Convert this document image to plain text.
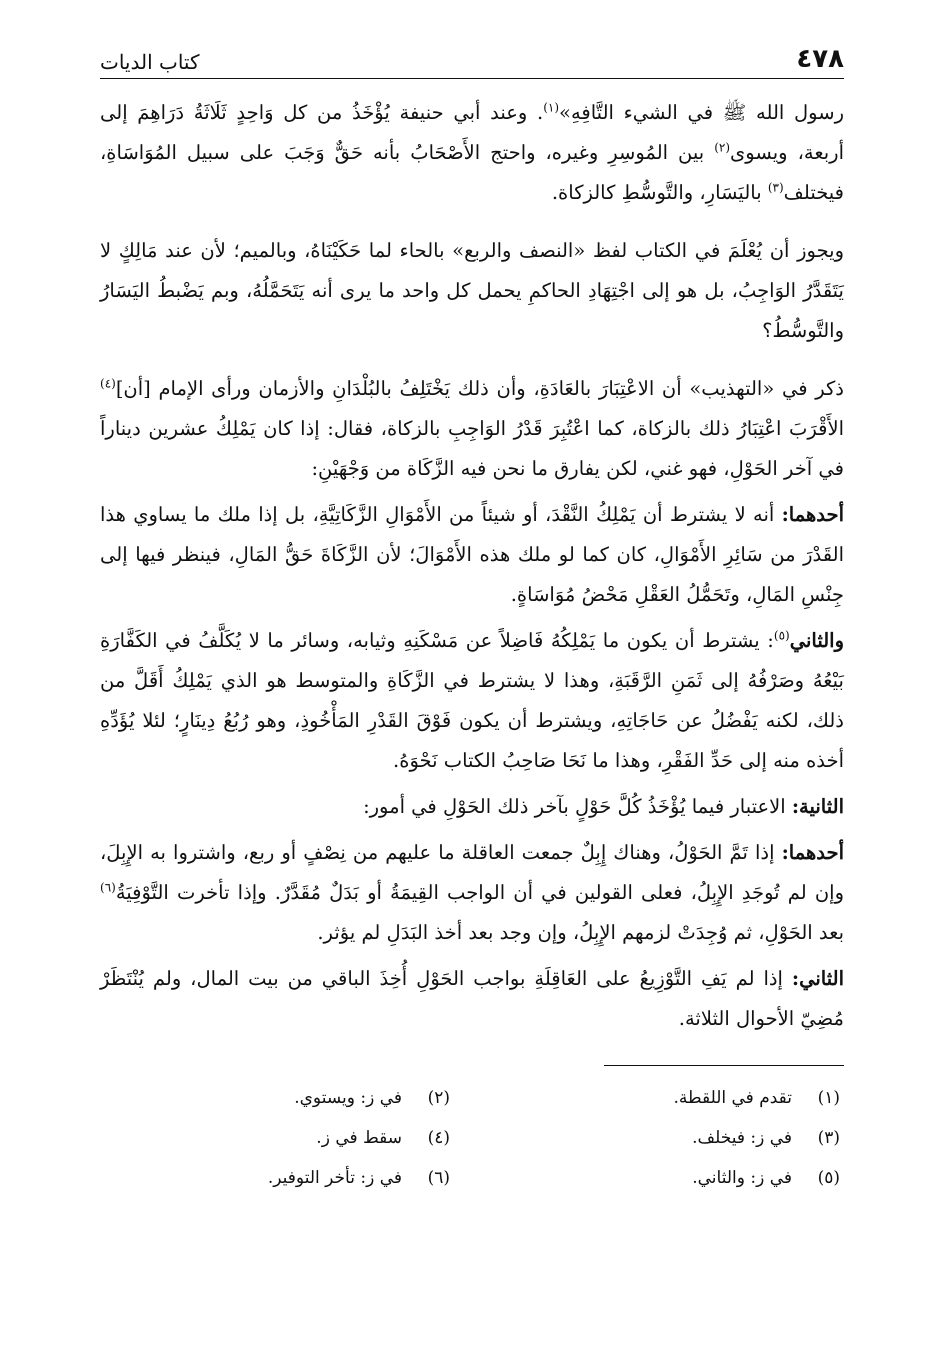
٤٧٨
كتاب الديات

رسول الله ﷺ في الشيء التَّافِهِ»$^{(١)}$. وعند أبي حنيفة يُؤْخَذُ من كل وَاحِدٍ ثَلَاثَةُ دَرَاهِمَ إلى أربعة، ويسوى$^{(٢)}$ بين المُوسِرِ وغيره، واحتج الأَصْحَابُ بأنه حَقٌّ وَجَبَ على سبيل المُوَاسَاةِ، فيختلف$^{(٣)}$ باليَسَارِ، والتَّوسُّطِ كالزكاة.

ويجوز أن يُعْلَمَ في الكتاب لفظ «النصف والربع» بالحاء لما حَكَيْنَاهُ، وبالميم؛ لأن عند مَالِكٍ لا يَتَقَدَّرُ الوَاجِبُ، بل هو إلى اجْتِهَادِ الحاكمِ يحمل كل واحد ما يرى أنه يَتَحَمَّلُهُ، وبم يَضْبطُ اليَسَارُ والتَّوسُّطُ؟

ذكر في «التهذيب» أن الاعْتِبَارَ بالعَادَةِ، وأن ذلك يَخْتَلِفُ بالبُلْدَانِ والأزمان ورأى الإمام [أن]$^{(٤)}$ الأَقْرَبَ اعْتِبَارُ ذلك بالزكاة، كما اعْتُبِرَ قَدْرُ الوَاجِبِ بالزكاة، فقال: إذا كان يَمْلِكُ عشرين ديناراً في آخر الحَوْلِ، فهو غني، لكن يفارق ما نحن فيه الزَّكَاة من وَجْهَيْنِ:

أحدهما: أنه لا يشترط أن يَمْلِكُ النَّقْدَ، أو شيئاً من الأَمْوَالِ الزَّكَاتِيَّةِ، بل إذا ملك ما يساوي هذا القَدْرَ من سَائِرِ الأَمْوَالِ، كان كما لو ملك هذه الأَمْوَالَ؛ لأن الزَّكَاةَ حَقُّ المَالِ، فينظر فيها إلى جِنْسِ المَالِ، وتَحَمُّلُ العَقْلِ مَحْضُ مُوَاسَاةٍ.

والثاني$^{(٥)}$: يشترط أن يكون ما يَمْلِكُهُ فَاضِلاً عن مَسْكَنِهِ وثيابه، وسائر ما لا يُكَلَّفُ في الكَفَّارَةِ بَيْعُهُ وصَرْفُهُ إلى ثَمَنِ الرَّقَبَةِ، وهذا لا يشترط في الزَّكَاةِ والمتوسط هو الذي يَمْلِكُ أَقَلَّ من ذلك، لكنه يَفْضُلُ عن حَاجَاتِهِ، ويشترط أن يكون فَوْقَ القَدْرِ المَأْخُوذِ، وهو رُبُعُ دِينَارٍ؛ لئلا يُؤَدِّهِ أخذه منه إلى حَدِّ الفَقْرِ، وهذا ما نَحَا صَاحِبُ الكتاب نَحْوَهُ.

الثانية: الاعتبار فيما يُؤْخَذُ كُلَّ حَوْلٍ بآخر ذلك الحَوْلِ في أمور:

أحدهما: إذا تَمَّ الحَوْلُ، وهناك إِبِلٌ جمعت العاقلة ما عليهم من نِصْفٍ أو ربع، واشتروا به الإِبِلَ، وإن لم تُوجَدِ الإِبِلُ، فعلى القولين في أن الواجب القِيمَةُ أو بَدَلٌ مُقَدَّرٌ. وإذا تأخرت التَّوْفِيَةُ$^{(٦)}$ بعد الحَوْلِ، ثم وُجِدَتْ لزمهم الإِبِلُ، وإن وجد بعد أخذ البَدَلِ لم يؤثر.

الثاني: إذا لم يَفِ التَّوْزِيعُ على العَاقِلَةِ بواجب الحَوْلِ أُخِذَ الباقي من بيت المال، ولم يُنْتَظَرْ مُضِيّ الأحوال الثلاثة.

(١)
تقدم في اللقطة.
(٢)
في ز: ويستوي.
(٣)
في ز: فيخلف.
(٤)
سقط في ز.
(٥)
في ز: والثاني.
(٦)
في ز: تأخر التوفير.
